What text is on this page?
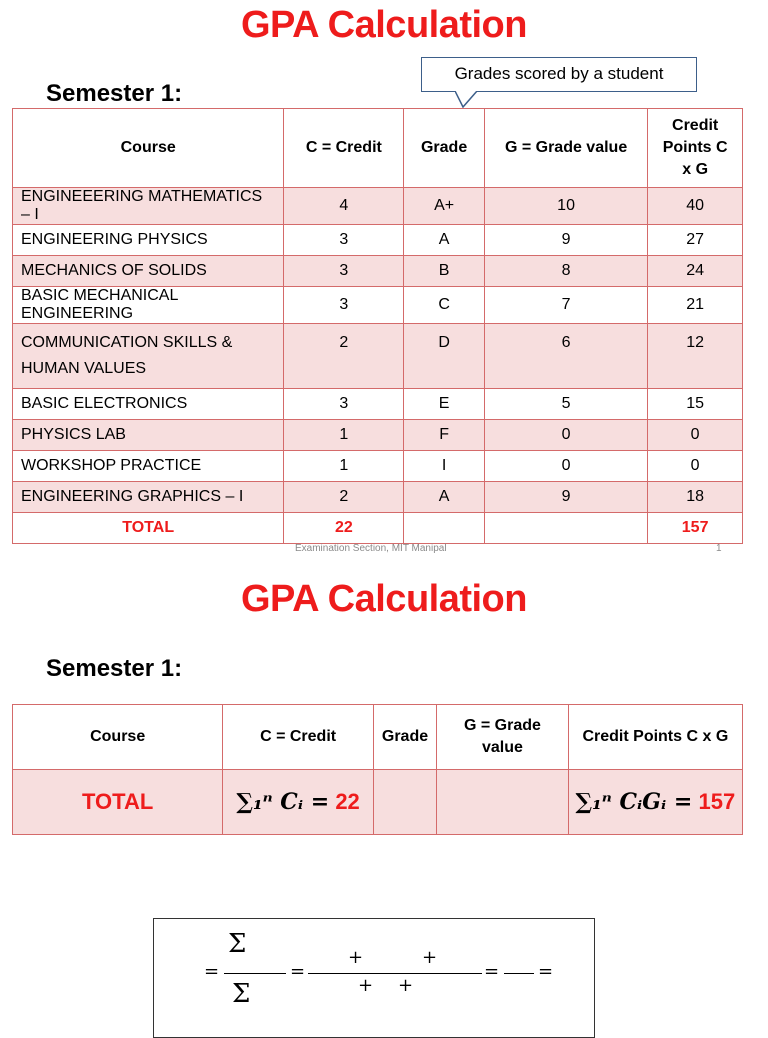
GPA Calculation
Semester 1:
Grades scored by a student
Course	C = Credit	Grade	G = Grade value	Credit Points C x G
ENGINEEERING MATHEMATICS – I	4	A+	10	40
ENGINEERING PHYSICS	3	A	9	27
MECHANICS OF SOLIDS	3	B	8	24
BASIC MECHANICAL ENGINEERING	3	C	7	21
COMMUNICATION SKILLS & HUMAN VALUES	2	D	6	12
BASIC ELECTRONICS	3	E	5	15
PHYSICS LAB	1	F	0	0
WORKSHOP PRACTICE	1	I	0	0
ENGINEERING GRAPHICS – I	2	A	9	18
TOTAL	22			157
Examination Section, MIT Manipal	1
GPA Calculation
Semester 1:
Course	C = Credit	Grade	G = Grade value	Credit Points C x G
TOTAL	∑₁ⁿ Cᵢ = 22			∑₁ⁿ CᵢGᵢ = 157
=
Σ
Σ
=
+	+
+ +
= =
